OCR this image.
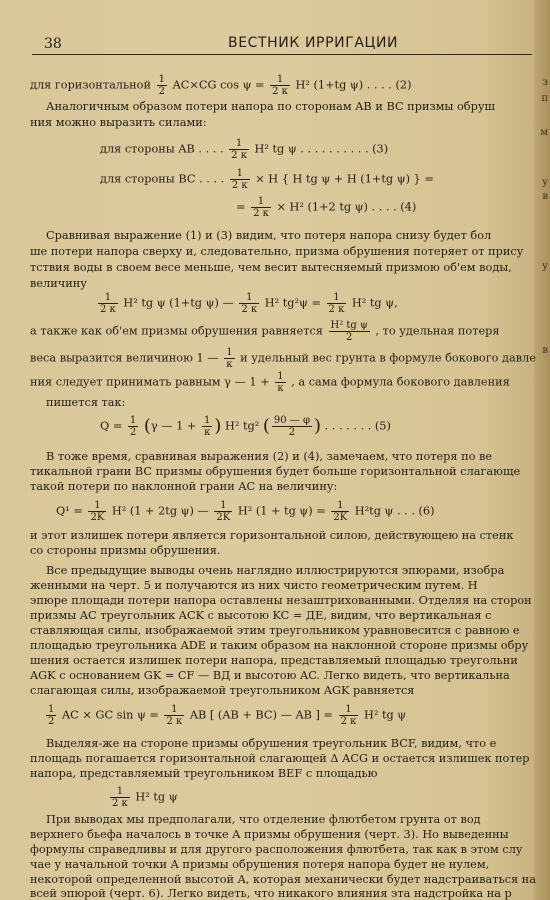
з
п
м
у
в
у
в
38	ВЕСТНИК ИРРИГАЦИИ
для горизонтальной $\frac{1}{2} AC\times CG$ $\cos \psi = \frac{1}{2 к} H^2$ (1+tg ψ) . . . . (2)
Аналогичным образом потери напора по сторонам AB и BC призмы обруш
ния можно выразить силами:
для стороны AB . . . . $\frac{1}{2 к} H^2$ tg ψ . . . . . . . . . . (3)
для стороны BC . . . . $\frac{1}{2 к} \times H$ { H tg ψ + H (1+tg ψ) } =
= $\frac{1}{2 к} \times H^2$ (1+2 tg ψ) . . . . (4)
Сравнивая выражение (1) и (3) видим, что потеря напора снизу будет бол
ше потери напора сверху и, следовательно, призма обрушения потеряет от прису
тствия воды в своем весе меньше, чем весит вытесняемый призмою об'ем воды,
величину
$\frac{1}{2 к} H^2$ tg ψ (1+tg ψ) — $\frac{1}{2 к} H^2$ $tg^2\psi = \frac{1}{2 к} H^2$ tg ψ,
а также как об'ем призмы обрушения равняется $\frac{\text{H² tg ψ}}{2}$ , то удельная потеря
веса выразится величиною 1 — $\frac{1}{к}$ и удельный вес грунта в формуле бокового давле
ния следует принимать равным γ — $1 + \frac{1}{к}$ , а сама формула бокового давления
пишется так:
$Q = \frac{1}{2} (\gamma$ — $1 + \frac{1}{к}$ ) H² tg² ( $\frac{90 — \varphi}{2}$ ) . . . . . . . (5)
В тоже время, сравнивая выражения (2) и (4), замечаем, что потеря по ве
тикальной грани BC призмы обрушения будет больше горизонтальной слагающе
такой потери по наклонной грани AC на величину:
$Q^1 = \frac{1}{2K} H^2$ (1 + 2tg ψ) — $\frac{1}{2K} H^2$ (1 + tg $\psi) = \frac{1}{2K} H^2tg$ ψ . . . (6)
и этот излишек потери является горизонтальной силою, действующею на стенк
со стороны призмы обрушения.
Все предыдущие выводы очень наглядно иллюстрируются эпюрами, изобра
женными на черт. 5 и получаются из них чисто геометрическим путем. Н
эпюре площади потери напора оставлены незаштрихованными. Отделяя на сторон
призмы AC треугольник ACK с высотою KC = ДE, видим, что вертикальная с
ставляющая силы, изображаемой этим треугольником уравновесится с равною е
площадью треугольника ADE и таким образом на наклонной стороне призмы обру
шения остается излишек потери напора, представляемый площадью треугольни
AGK с основанием GK = CF — ВД и высотою AC. Легко видеть, что вертикальна
слагающая силы, изображаемой треугольником AGK равняется
$\frac{1}{2}$ AC × GC $\sin \psi = \frac{1}{2 к}$ AB [ (AB + BC) — AB ] = $\frac{1}{2 к} H^2$ tg ψ
Выделяя-же на стороне призмы обрушения треугольник BCF, видим, что е
площадь погашается горизонтальной слагающей Δ ACG и остается излишек потер
напора, представляемый треугольником BEF с площадью
$\frac{1}{2 к} H^2$ tg ψ
При выводах мы предполагали, что отделение флютбетом грунта от вод
верхнего бьефа началось в точке A призмы обрушения (черт. 3). Но выведенны
формулы справедливы и для другого расположения флютбета, так как в этом слу
чае у начальной точки A призмы обрушения потеря напора будет не нулем,
некоторой определенной высотой A, которая механически будет надстраиваться на
всей эпюрой (черт. 6). Легко видеть, что никакого влияния эта надстройка на р
